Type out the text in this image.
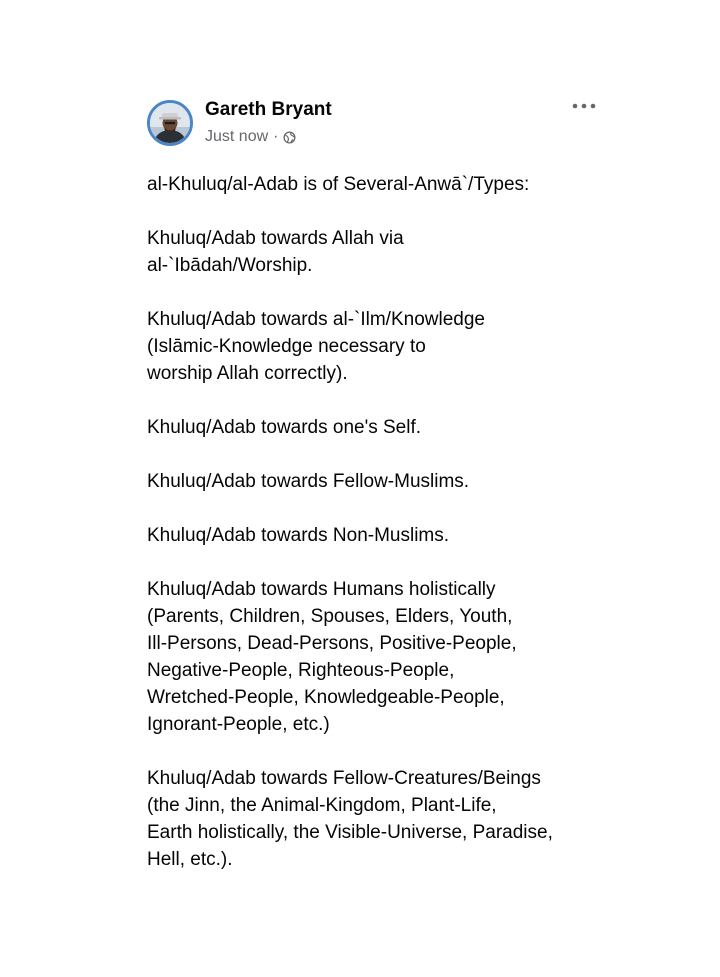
Gareth Bryant
Just now ·
al-Khuluq/al-Adab is of Several-Anwā`/Types:
Khuluq/Adab towards Allah via
al-`Ibādah/Worship.
Khuluq/Adab towards al-`Ilm/Knowledge
(Islāmic-Knowledge necessary to
worship Allah correctly).
Khuluq/Adab towards one's Self.
Khuluq/Adab towards Fellow-Muslims.
Khuluq/Adab towards Non-Muslims.
Khuluq/Adab towards Humans holistically
(Parents, Children, Spouses, Elders, Youth,
Ill-Persons, Dead-Persons, Positive-People,
Negative-People, Righteous-People,
Wretched-People, Knowledgeable-People,
Ignorant-People, etc.)
Khuluq/Adab towards Fellow-Creatures/Beings
(the Jinn, the Animal-Kingdom, Plant-Life,
Earth holistically, the Visible-Universe, Paradise,
Hell, etc.).
